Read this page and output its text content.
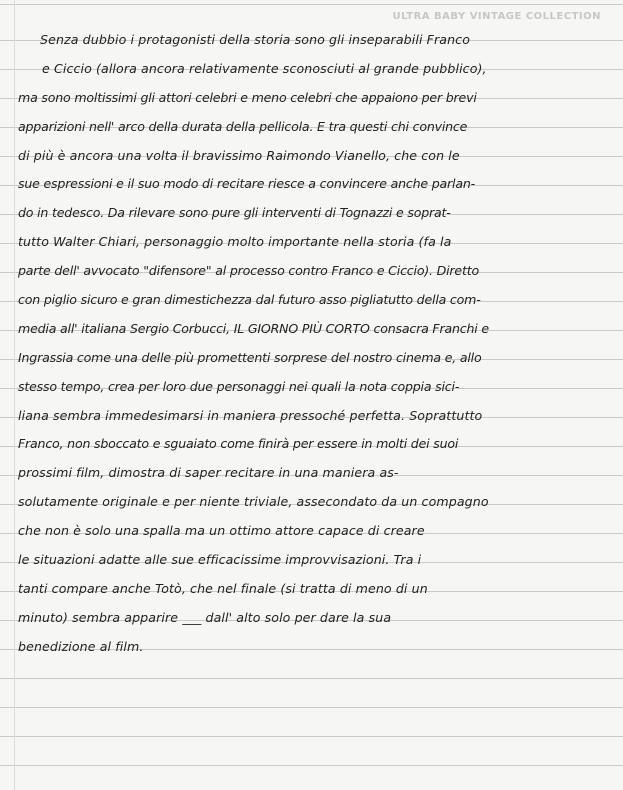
ULTRA BABY VINTAGE COLLECTION
Senza dubbio i protagonisti della storia sono gli inseparabili Franco
e Ciccio (allora ancora relativamente sconosciuti al grande pubblico),
ma sono moltissimi gli attori celebri e meno celebri che appaiono per brevi
apparizioni nell' arco della durata della pellicola. E tra questi chi convince
di più è ancora una volta il bravissimo Raimondo Vianello, che con le
sue espressioni e il suo modo di recitare riesce a convincere anche parlan-
do in tedesco. Da rilevare sono pure gli interventi di Tognazzi e soprat-
tutto Walter Chiari, personaggio molto importante nella storia (fa la
parte dell' avvocato "difensore" al processo contro Franco e Ciccio). Diretto
con piglio sicuro e gran dimestichezza dal futuro asso pigliatutto della com-
media all' italiana Sergio Corbucci, IL GIORNO PIÙ CORTO consacra Franchi e
Ingrassia come una delle più promettenti sorprese del nostro cinema e, allo
stesso tempo, crea per loro due personaggi nei quali la nota coppia sici-
liana sembra immedesimarsi in maniera pressoché perfetta. Soprattutto
Franco, non sboccato e sguaiato come finirà per essere in molti dei suoi
prossimi film, dimostra di saper recitare in una maniera as-
solutamente originale e per niente triviale, assecondato da un compagno
che non è solo una spalla ma un ottimo attore capace di creare
le situazioni adatte alle sue efficacissime improvvisazioni. Tra i
tanti compare anche Totò, che nel finale (si tratta di meno di un
minuto) sembra apparire ___ dall' alto solo per dare la sua
benedizione al film.
